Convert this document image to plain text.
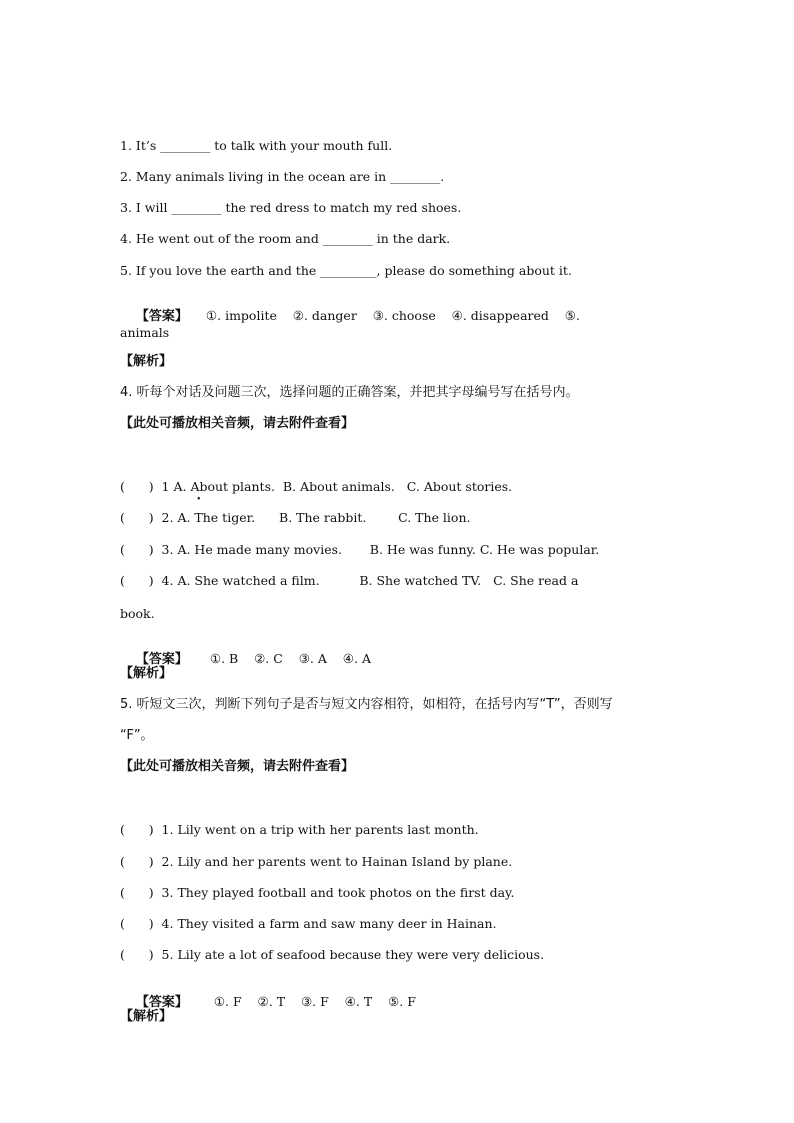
1. It’s ________ to talk with your mouth full.
2. Many animals living in the ocean are in ________.
3. I will ________ the red dress to match my red shoes.
4. He went out of the room and ________ in the dark.
5. If you love the earth and the _________, please do something about it.

【答案】 ①. impolite    ②. danger    ③. choose    ④. disappeared    ⑤.

animals
【解析】
4. 听每个对话及问题三次，选择问题的正确答案，并把其字母编号写在括号内。
【此处可播放相关音频，请去附件查看】
(      )  1 A. About plants.  B. About animals.   C. About stories.
•
(      )  2. A. The tiger.      B. The rabbit.        C. The lion.
(      )  3. A. He made many movies.       B. He was funny. C. He was popular.
(      )  4. A. She watched a film.          B. She watched TV.   C. She read a
book.

【答案】  ①. B    ②. C    ③. A    ④. A

【解析】
5. 听短文三次，判断下列句子是否与短文内容相符，如相符，在括号内写“T”，否则写
“F”。
【此处可播放相关音频，请去附件查看】
(      )  1. Lily went on a trip with her parents last month.
(      )  2. Lily and her parents went to Hainan Island by plane.
(      )  3. They played football and took photos on the first day.
(      )  4. They visited a farm and saw many deer in Hainan.
(      )  5. Lily ate a lot of seafood because they were very delicious.

【答案】   ①. F    ②. T    ③. F    ④. T    ⑤. F

【解析】
